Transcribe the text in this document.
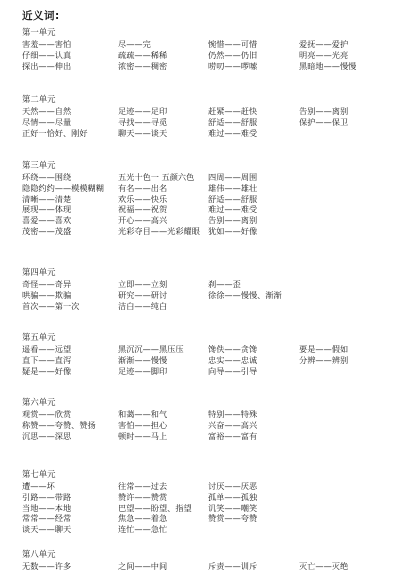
近义词:
第一单元
害羞——害怕	尽——完	惋惜——可惜	爱抚——爱护
仔细——认真	疏疏——稀稀	仍然——仍旧	明亮——光亮
探出——伸出	浓密——稠密	唠叨——啰嗦	黑暗地——慢慢
第二单元
天然——自然	足迹——足印	赶紧——赶快	告别——离别
尽情——尽量	寻找——寻觅	舒适——舒服	保护——保卫
正好一恰好、刚好	聊天——谈天	难过——难受
第三单元
环绕——围绕	五光十色一 五颜六色 四周——周围
隐隐约约——模模糊糊 有名——出名	雄伟——雄壮
清晰——清楚	欢乐——快乐	舒适——舒服
展现——体现	祝福——祝贺	难过——难受
喜爱——喜欢	开心——高兴	告别——离别
茂密——茂盛	光彩夺目——光彩耀眼 犹如——好像
第四单元
奇怪——奇异	立即——立刻	刹——歪
哄骗——欺骗	研究——研讨	徐徐——慢慢、渐渐
首次——第一次	洁白——纯白
第五单元
遥看——远望	黑沉沉——黑压压	馋佚——贪馋	要是——假如
直下——直泻	渐渐——慢慢	忠实——忠诚	分辨——辨别
疑是——好像	足迹——脚印	向导——引导
第六单元
观赏——欣赏	和蔼——和气	特别——特殊
称赞——夸赞、赞扬	害怕——担心	兴奋——高兴
沉思——深思	顿时——马上	富裕——富有
第七单元
遭——坏	往常——过去	讨厌——厌恶
引路——带路	赞许——赞赏	孤单——孤独
当地——本地	巴望——盼望、指望 讥笑——嘲笑
常常——经常	焦急——着急	赞赏——夸赞
谈天——聊天	连忙——急忙
第八单元
无数——许多	之间——中间	斥责——训斥	灭亡——灭绝
